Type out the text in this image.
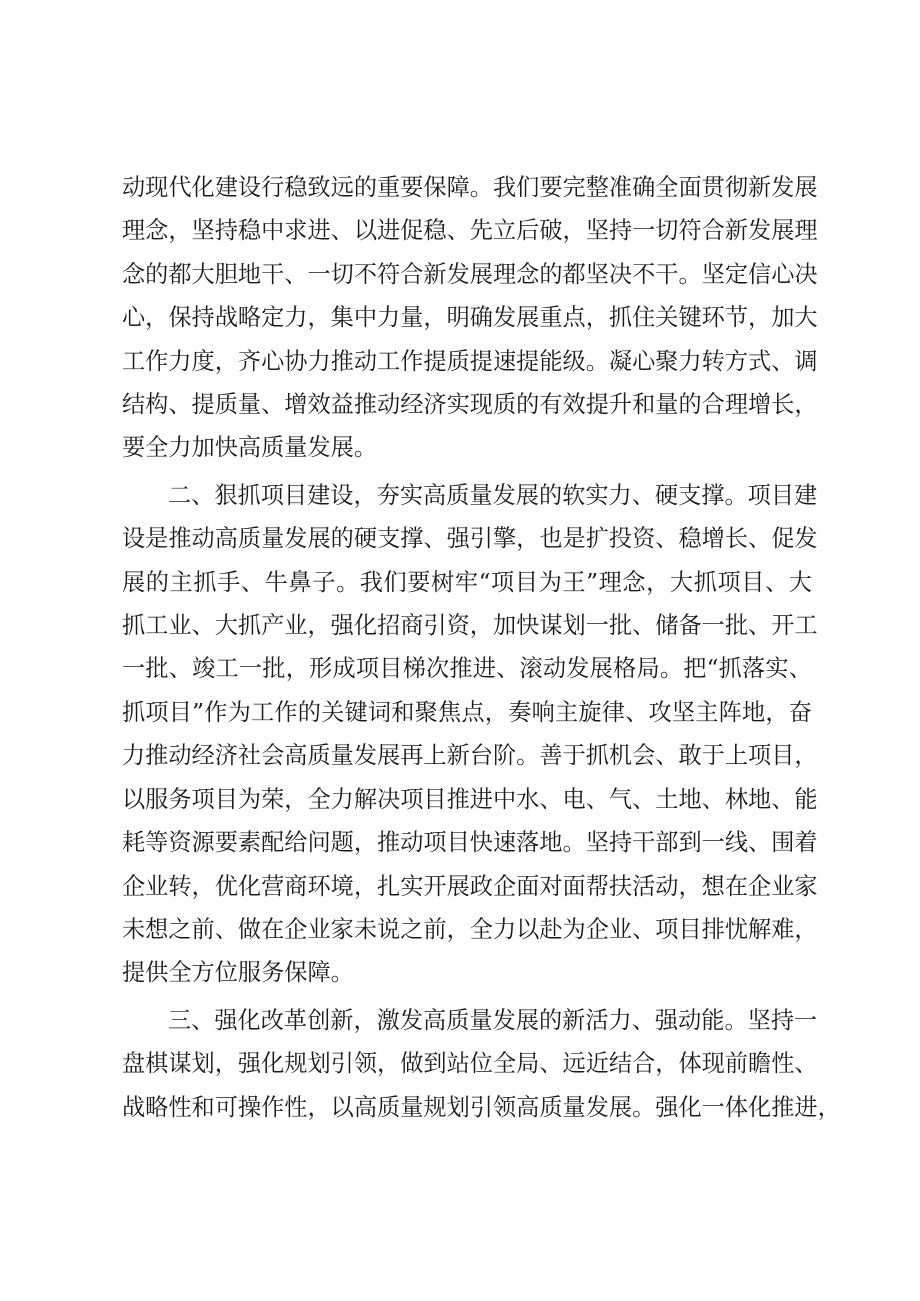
动现代化建设行稳致远的重要保障。我们要完整准确全面贯彻新发展
理念，坚持稳中求进、以进促稳、先立后破，坚持一切符合新发展理
念的都大胆地干、一切不符合新发展理念的都坚决不干。坚定信心决
心，保持战略定力，集中力量，明确发展重点，抓住关键环节，加大
工作力度，齐心协力推动工作提质提速提能级。凝心聚力转方式、调
结构、提质量、增效益推动经济实现质的有效提升和量的合理增长，
要全力加快高质量发展。
二、狠抓项目建设，夯实高质量发展的软实力、硬支撑。项目建
设是推动高质量发展的硬支撑、强引擎，也是扩投资、稳增长、促发
展的主抓手、牛鼻子。我们要树牢“项目为王”理念，大抓项目、大
抓工业、大抓产业，强化招商引资，加快谋划一批、储备一批、开工
一批、竣工一批，形成项目梯次推进、滚动发展格局。把“抓落实、
抓项目”作为工作的关键词和聚焦点，奏响主旋律、攻坚主阵地，奋
力推动经济社会高质量发展再上新台阶。善于抓机会、敢于上项目，
以服务项目为荣，全力解决项目推进中水、电、气、土地、林地、能
耗等资源要素配给问题，推动项目快速落地。坚持干部到一线、围着
企业转，优化营商环境，扎实开展政企面对面帮扶活动，想在企业家
未想之前、做在企业家未说之前，全力以赴为企业、项目排忧解难，
提供全方位服务保障。
三、强化改革创新，激发高质量发展的新活力、强动能。坚持一
盘棋谋划，强化规划引领，做到站位全局、远近结合，体现前瞻性、
战略性和可操作性，以高质量规划引领高质量发展。强化一体化推进，
